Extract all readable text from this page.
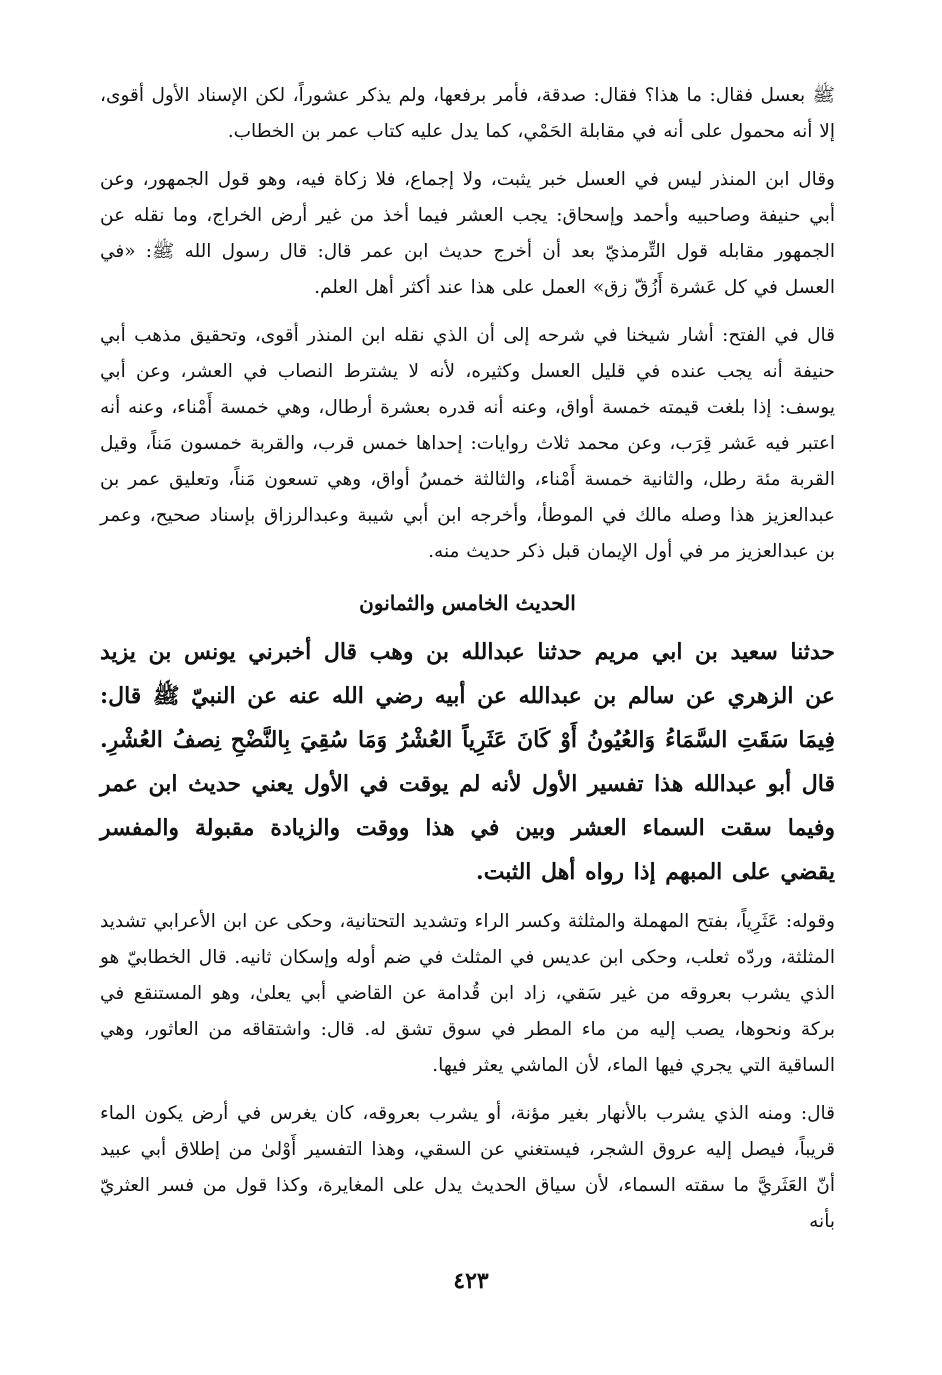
ﷺ بعسل فقال: ما هذا؟ فقال: صدقة، فأمر برفعها، ولم يذكر عشوراً، لكن الإسناد الأول أقوى، إلا أنه محمول على أنه في مقابلة الحَمْي، كما يدل عليه كتاب عمر بن الخطاب.

وقال ابن المنذر ليس في العسل خبر يثبت، ولا إجماع، فلا زكاة فيه، وهو قول الجمهور، وعن أبي حنيفة وصاحبيه وأحمد وإسحاق: يجب العشر فيما أخذ من غير أرض الخراج، وما نقله عن الجمهور مقابله قول التِّرمذيّ بعد أن أخرج حديث ابن عمر قال: قال رسول الله ﷺ: «في العسل في كل عَشرة أَزُقّ زق» العمل على هذا عند أكثر أهل العلم.

قال في الفتح: أشار شيخنا في شرحه إلى أن الذي نقله ابن المنذر أقوى، وتحقيق مذهب أبي حنيفة أنه يجب عنده في قليل العسل وكثيره، لأنه لا يشترط النصاب في العشر، وعن أبي يوسف: إذا بلغت قيمته خمسة أواق، وعنه أنه قدره بعشرة أرطال، وهي خمسة أَمْناء، وعنه أنه اعتبر فيه عَشر قِرَب، وعن محمد ثلاث روايات: إحداها خمس قرب، والقربة خمسون مَناً، وقيل القربة مئة رطل، والثانية خمسة أَمْناء، والثالثة خمسُ أواق، وهي تسعون مَناً، وتعليق عمر بن عبدالعزيز هذا وصله مالك في الموطأ، وأخرجه ابن أبي شيبة وعبدالرزاق بإسناد صحيح، وعمر بن عبدالعزيز مر في أول الإيمان قبل ذكر حديث منه.

الحديث الخامس والثمانون

حدثنا سعيد بن ابي مريم حدثنا عبدالله بن وهب قال أخبرني يونس بن يزيد عن الزهري عن سالم بن عبدالله عن أبيه رضي الله عنه عن النبيّ ﷺ قال: فِيمَا سَقَتِ السَّمَاءُ وَالعُيُونُ أَوْ كَانَ عَثَرِياً العُشْرُ وَمَا سُقِيَ بِالنَّضْحِ نِصفُ العُشْرِ. قال أبو عبدالله هذا تفسير الأول لأنه لم يوقت في الأول يعني حديث ابن عمر وفيما سقت السماء العشر وبين في هذا ووقت والزيادة مقبولة والمفسر يقضي على المبهم إذا رواه أهل الثبت.

وقوله: عَثَرِياً، بفتح المهملة والمثلثة وكسر الراء وتشديد التحتانية، وحكى عن ابن الأعرابي تشديد المثلثة، وردّه ثعلب، وحكى ابن عديس في المثلث في ضم أوله وإسكان ثانيه. قال الخطابيّ هو الذي يشرب بعروقه من غير سَقي، زاد ابن قُدامة عن القاضي أبي يعلىٰ، وهو المستنقع في بركة ونحوها، يصب إليه من ماء المطر في سوق تشق له. قال: واشتقاقه من العاثور، وهي الساقية التي يجري فيها الماء، لأن الماشي يعثر فيها.

قال: ومنه الذي يشرب بالأنهار بغير مؤنة، أو يشرب بعروقه، كان يغرس في أرض يكون الماء قريباً، فيصل إليه عروق الشجر، فيستغني عن السقي، وهذا التفسير أَوْلىٰ من إطلاق أبي عبيد أنّ العَثَريَّ ما سقته السماء، لأن سياق الحديث يدل على المغايرة، وكذا قول من فسر العثريّ بأنه

٤٢٣
